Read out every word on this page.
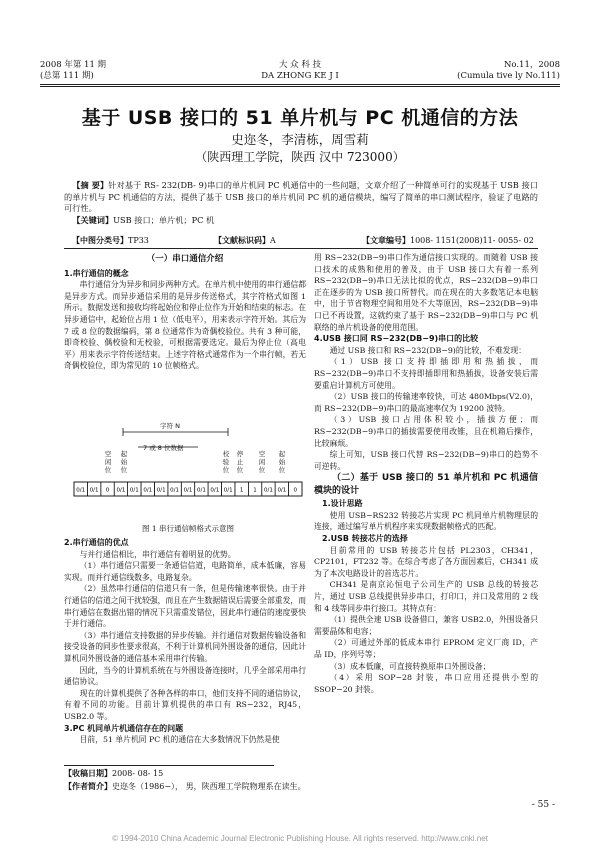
2008 年第 11 期
(总第 111 期)
大 众 科 技
DA ZHONG KE J I
No.11，2008
(Cumula tive ly No.111)
基于 USB 接口的 51 单片机与 PC 机通信的方法
史迩冬，李清栋，周雪莉
（陕西理工学院，陕西 汉中 723000）

【摘 要】针对基于 RS- 232(DB- 9)串口的单片机同 PC 机通信中的一些问题，文章介绍了一种简单可行的实现基于 USB 接口的单片机与 PC 机通信的方法，提供了基于 USB 接口的单片机同 PC 机的通信模块，编写了简单的串口测试程序，验证了电路的可行性。

【关键词】USB 接口；单片机；PC 机

【中图分类号】TP33	【文献标识码】A	【文章编号】1008- 1151(2008)11- 0055- 02
（一）串口通信介绍
1.串行通信的概念

串行通信分为异步和同步两种方式。在单片机中使用的串行通信都是异步方式。而异步通信采用的是异步传送格式，其字符格式如图 1 所示。数据发送和接收均将起始位和停止位作为开始和结束的标志。在异步通信中，起始位占用 1 位（低电平），用来表示字符开始。其后为 7 或 8 位的数据编码，第 8 位通常作为奇偶校验位。共有 3 种可能，即奇校验、偶校验和无校验，可根据需要选定。最后为停止位（高电平）用来表示字符传送结束。上述字符格式通常作为一个串行帧，若无奇偶校验位，即为常见的 10 位帧格式。

0/1 0/1 0 0/1 0/1 0/1 0/1 0/1 0/1 0/1 0/1 0/1 1 1 0/1 0/1 0
字符 N
7 或 8 位数据
空
闲
位
起
始
位
校
验
位
停
止
位
空
闲
位
起
始
位
图 1 串行通信帧格式示意图
2.串行通信的优点

与并行通信相比，串行通信有着明显的优势。

（1）串行通信只需要一条通信信道，电路简单，成本低廉，容易实现。而并行通信线数多，电路复杂。

（2）虽然串行通信的信道只有一条，但是传输速率很快。由于并行通信的信道之间干扰较强，而且在产生数据错误后需要全部重发，而串行通信在数据出错的情况下只需重发错位，因此串行通信的速度要快于并行通信。

（3）串行通信支持数据的异步传输。并行通信对数据传输设备和接受设备的同步性要求很高，不利于计算机同外围设备的通信，因此计算机同外围设备的通信基本采用串行传输。

因此，当今的计算机系统在与外围设备连接时，几乎全部采用串行通信协议。

现在的计算机提供了各种各样的串口，他们支持不同的通信协议，有着不同的功能。目前计算机提供的串口有 RS−232，RJ45，USB2.0 等。

3.PC 机同单片机通信存在的问题

目前，51 单片机同 PC 机的通信在大多数情况下仍然是使

用 RS−232(DB−9)串口作为通信接口实现的。而随着 USB 接口技术的成熟和使用的普及，由于 USB 接口大有着一系列 RS−232(DB−9)串口无法比拟的优点，RS−232(DB−9)串口正在逐步的为 USB 接口所替代。而在现在的大多数笔记本电脑中，出于节省物理空间和用处不大等原因，RS−232(DB−9)串口已不再设置，这就约束了基于 RS−232(DB−9)串口与 PC 机联络的单片机设备的使用范围。

4.USB 接口同 RS−232(DB−9)串口的比较

通过 USB 接口和 RS−232(DB−9)的比较，不难发现：

（1）USB 接口支持即插即用和热插拔，而 RS−232(DB−9)串口不支持即插即用和热插拔，设备安装后需要重启计算机方可使用。

（2）USB 接口的传输速率较快，可达 480Mbps(V2.0)，而 RS−232(DB−9)串口的最高速率仅为 19200 波特。

（3）USB 接口占用体积较小，插拔方便；而 RS−232(DB−9)串口的插拔需要使用改锥，且在机箱后操作，比较麻烦。

综上可知，USB 接口代替 RS−232(DB−9)串口的趋势不可逆转。

（二）基于 USB 接口的 51 单片机和 PC 机通信模块的设计
1.设计思路

使用 USB−RS232 转接芯片实现 PC 机同单片机物理层的连接，通过编写单片机程序来实现数据帧格式的匹配。

2.USB 转接芯片的选择

目前常用的 USB 转接芯片包括 PL2303，CH341，CP2101，FT232 等。在综合考虑了各方面因素后，CH341 成为了本次电路设计的首选芯片。

CH341 是南京沁恒电子公司生产的 USB 总线的转接芯片，通过 USB 总线提供异步串口，打印口，并口及常用的 2 线和 4 线等同步串行接口。其特点有：

（1）提供全速 USB 设备借口，兼容 USB2.0，外围设备只需要晶体和电容；

（2）可通过外部的低成本串行 EPROM 定义厂商 ID，产品 ID，序列号等；

（3）成本低廉，可直接转换原串口外围设备；

（4）采用 SOP−28 封装，串口应用还提供小型的 SSOP−20 封装。

- 55 -
【收稿日期】2008- 08- 15
【作者简介】史迩冬（1986−）， 男，陕西理工学院物理系在读生。
© 1994-2010 China Academic Journal Electronic Publishing House. All rights reserved. http://www.cnki.net
